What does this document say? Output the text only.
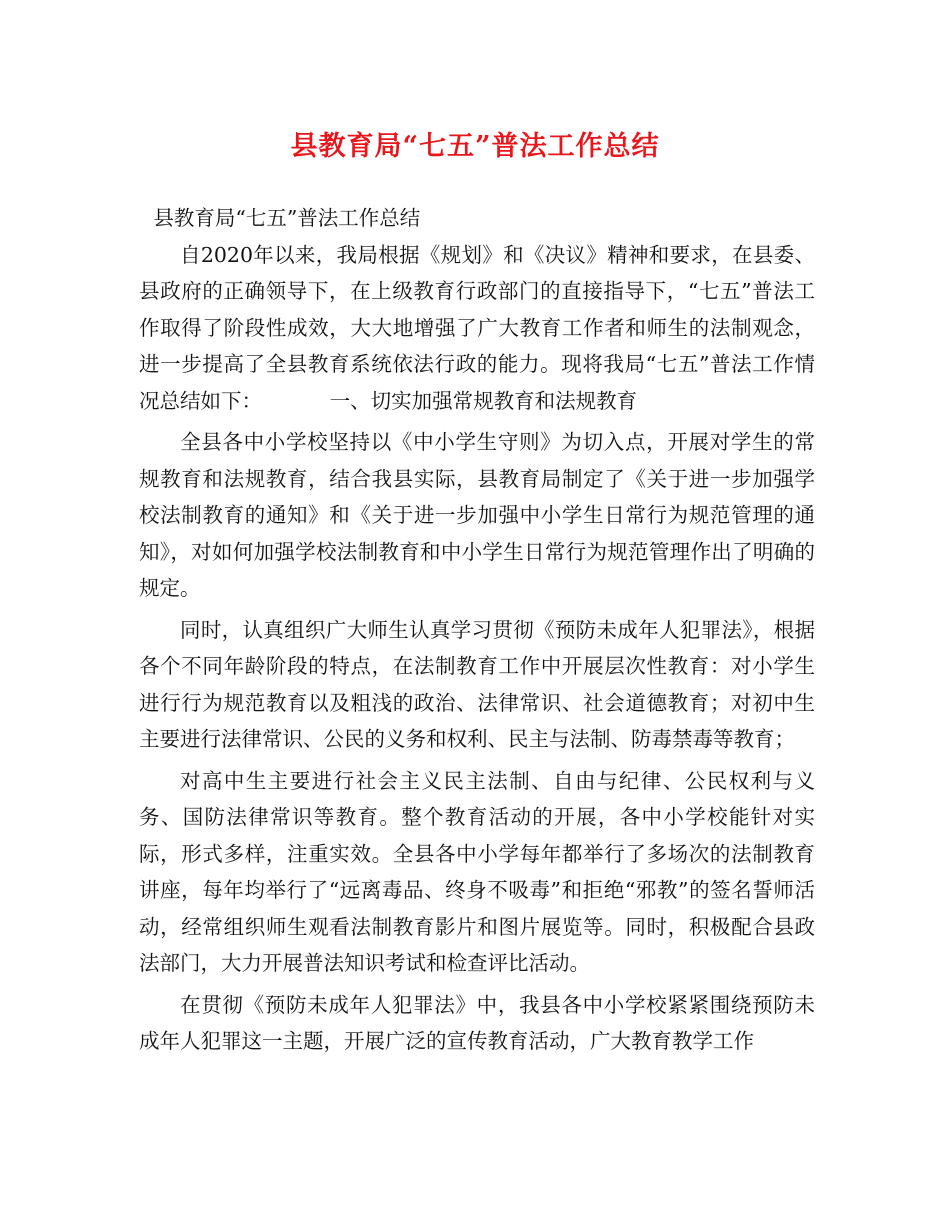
县教育局“七五”普法工作总结

县教育局“七五”普法工作总结

自2020年以来，我局根据《规划》和《决议》精神和要求，在县委、县政府的正确领导下，在上级教育行政部门的直接指导下，“七五”普法工作取得了阶段性成效，大大地增强了广大教育工作者和师生的法制观念，进一步提高了全县教育系统依法行政的能力。现将我局“七五”普法工作情况总结如下：	一、切实加强常规教育和法规教育

全县各中小学校坚持以《中小学生守则》为切入点，开展对学生的常规教育和法规教育，结合我县实际，县教育局制定了《关于进一步加强学校法制教育的通知》和《关于进一步加强中小学生日常行为规范管理的通知》，对如何加强学校法制教育和中小学生日常行为规范管理作出了明确的规定。

同时，认真组织广大师生认真学习贯彻《预防未成年人犯罪法》，根据各个不同年龄阶段的特点，在法制教育工作中开展层次性教育：对小学生进行行为规范教育以及粗浅的政治、法律常识、社会道德教育；对初中生主要进行法律常识、公民的义务和权利、民主与法制、防毒禁毒等教育；

对高中生主要进行社会主义民主法制、自由与纪律、公民权利与义务、国防法律常识等教育。整个教育活动的开展，各中小学校能针对实际，形式多样，注重实效。全县各中小学每年都举行了多场次的法制教育讲座，每年均举行了“远离毒品、终身不吸毒”和拒绝“邪教”的签名誓师活动，经常组织师生观看法制教育影片和图片展览等。同时，积极配合县政法部门，大力开展普法知识考试和检查评比活动。

在贯彻《预防未成年人犯罪法》中，我县各中小学校紧紧围绕预防未成年人犯罪这一主题，开展广泛的宣传教育活动，广大教育教学工作
